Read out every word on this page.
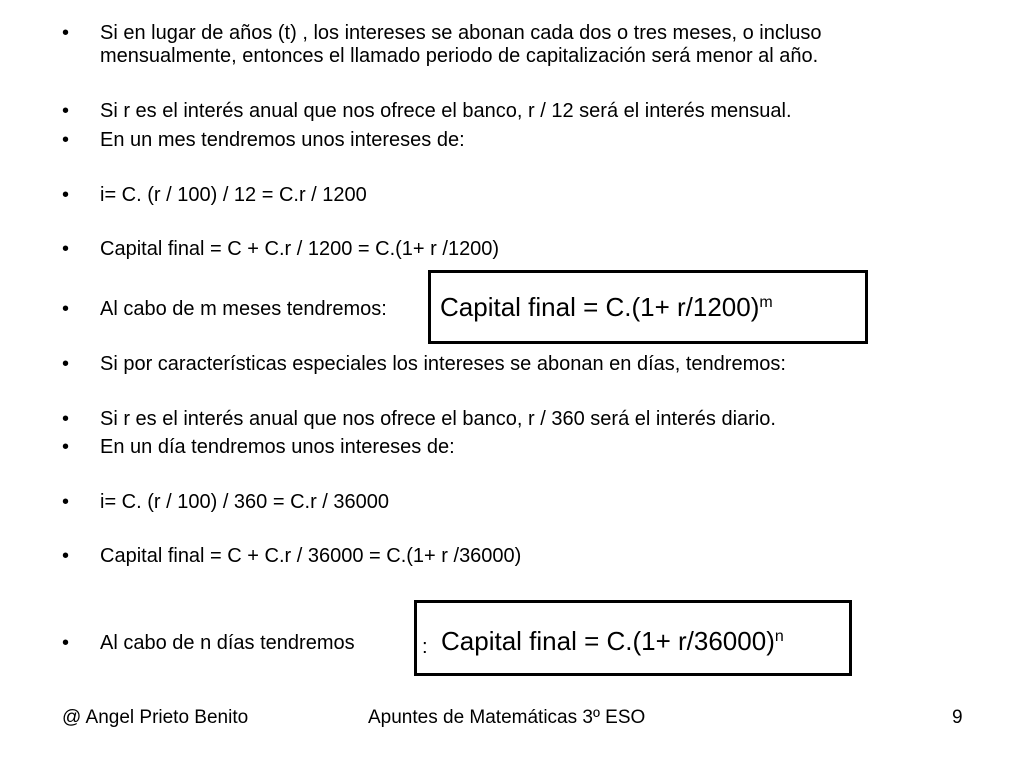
• Si en lugar de años (t) , los intereses se abonan cada dos o tres meses, o incluso mensualmente, entonces el llamado periodo de capitalización será menor al año.
• Si r es el interés anual que nos ofrece el banco, r / 12 será el interés mensual.
• En un mes tendremos unos intereses de:
• i= C. (r / 100) / 12 = C.r / 1200
• Capital final = C + C.r / 1200 = C.(1+ r /1200)
• Al cabo de m meses tendremos:	Capital final = $C.(1+ r/1200)^m$
• Si por características especiales los intereses se abonan en días, tendremos:
• Si r es el interés anual que nos ofrece el banco, r / 360 será el interés diario.
• En un día tendremos unos intereses de:
• i= C. (r / 100) / 360 = C.r / 36000
• Capital final = C + C.r / 36000 = C.(1+ r /36000)
• Al cabo de n días tendremos	: Capital final = $C.(1+ r/36000)^n$
@ Angel Prieto Benito	Apuntes de Matemáticas 3º ESO	9
